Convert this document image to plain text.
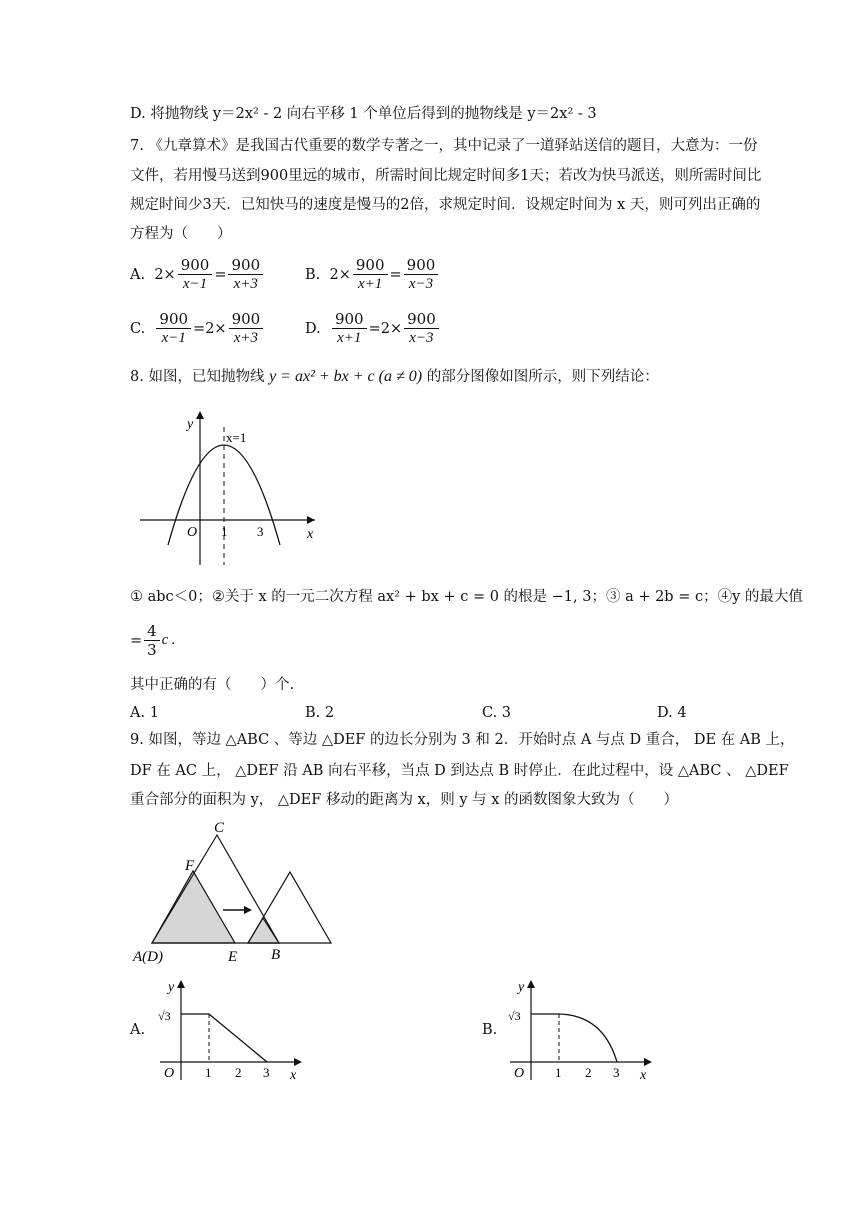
D. 将抛物线 y＝2x² - 2 向右平移 1 个单位后得到的抛物线是 y＝2x² - 3
7. 《九章算术》是我国古代重要的数学专著之一，其中记录了一道驿站送信的题目，大意为：一份
文件，若用慢马送到900里远的城市，所需时间比规定时间多1天；若改为快马派送，则所需时间比
规定时间少3天．已知快马的速度是慢马的2倍，求规定时间．设规定时间为 x 天，则可列出正确的
方程为（　　）
A.
$2\times \frac{900}{x-1} = \frac{900}{x+3}$	B.
$2\times \frac{900}{x+1} = \frac{900}{x-3}$
C.
$\frac{900}{x-1} = 2\times \frac{900}{x+3}$	D.
$\frac{900}{x+1} = 2\times \frac{900}{x-3}$
8. 如图，已知抛物线 y = ax² + bx + c (a ≠ 0) 的部分图像如图所示，则下列结论：
y
x
O
x=1
1 3
① abc＜0；②关于 x 的一元二次方程 ax² + bx + c = 0 的根是 −1, 3；③ a + 2b = c；④y 的最大值
= $\frac{4}{3}$ c .
其中正确的有（　　）个.
A. 1	B. 2	C. 3	D. 4
9. 如图，等边 △ABC 、等边 △DEF 的边长分别为 3 和 2．开始时点 A 与点 D 重合， DE 在 AB 上，
DF 在 AC 上， △DEF 沿 AB 向右平移，当点 D 到达点 B 时停止．在此过程中，设 △ABC 、 △DEF
重合部分的面积为 y， △DEF 移动的距离为 x，则 y 与 x 的函数图象大致为（　　）
C
F
A(D)	E B
A.
y
√3
O 1 2 3 x
B.
y
√3
O 1 2 3 x
